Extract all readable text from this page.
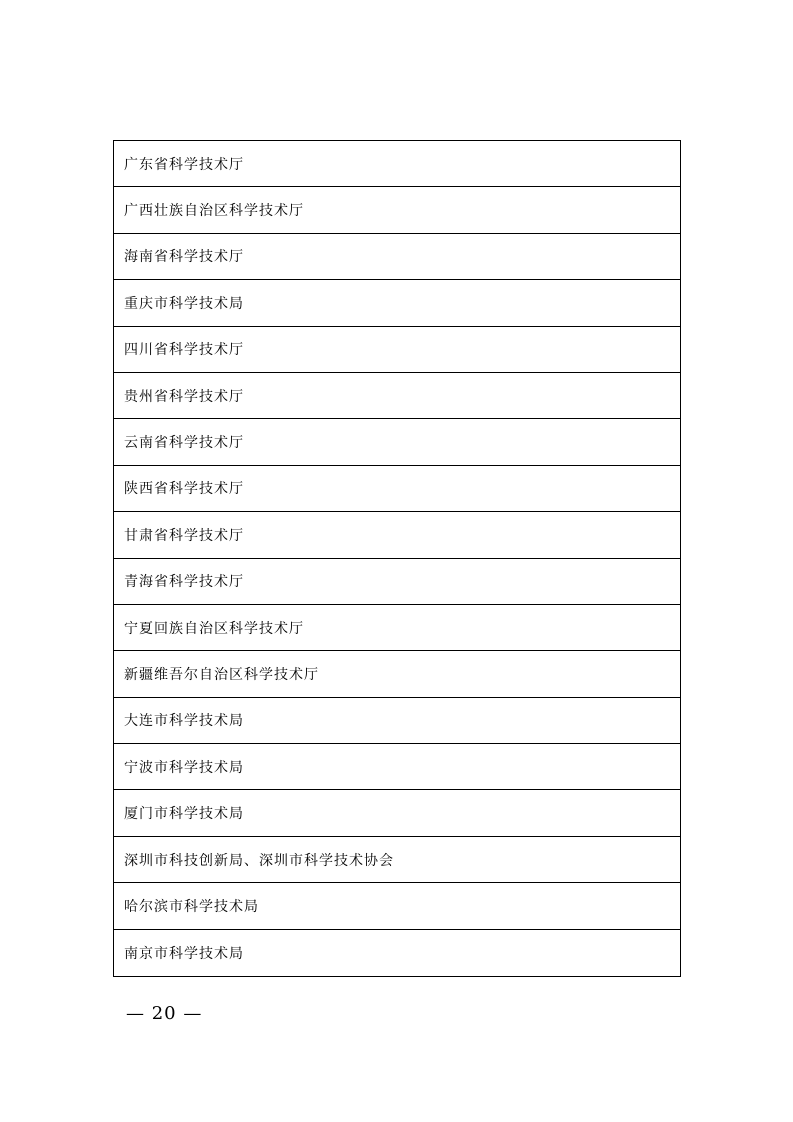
广东省科学技术厅
广西壮族自治区科学技术厅
海南省科学技术厅
重庆市科学技术局
四川省科学技术厅
贵州省科学技术厅
云南省科学技术厅
陕西省科学技术厅
甘肃省科学技术厅
青海省科学技术厅
宁夏回族自治区科学技术厅
新疆维吾尔自治区科学技术厅
大连市科学技术局
宁波市科学技术局
厦门市科学技术局
深圳市科技创新局、深圳市科学技术协会
哈尔滨市科学技术局
南京市科学技术局
— 20 —
